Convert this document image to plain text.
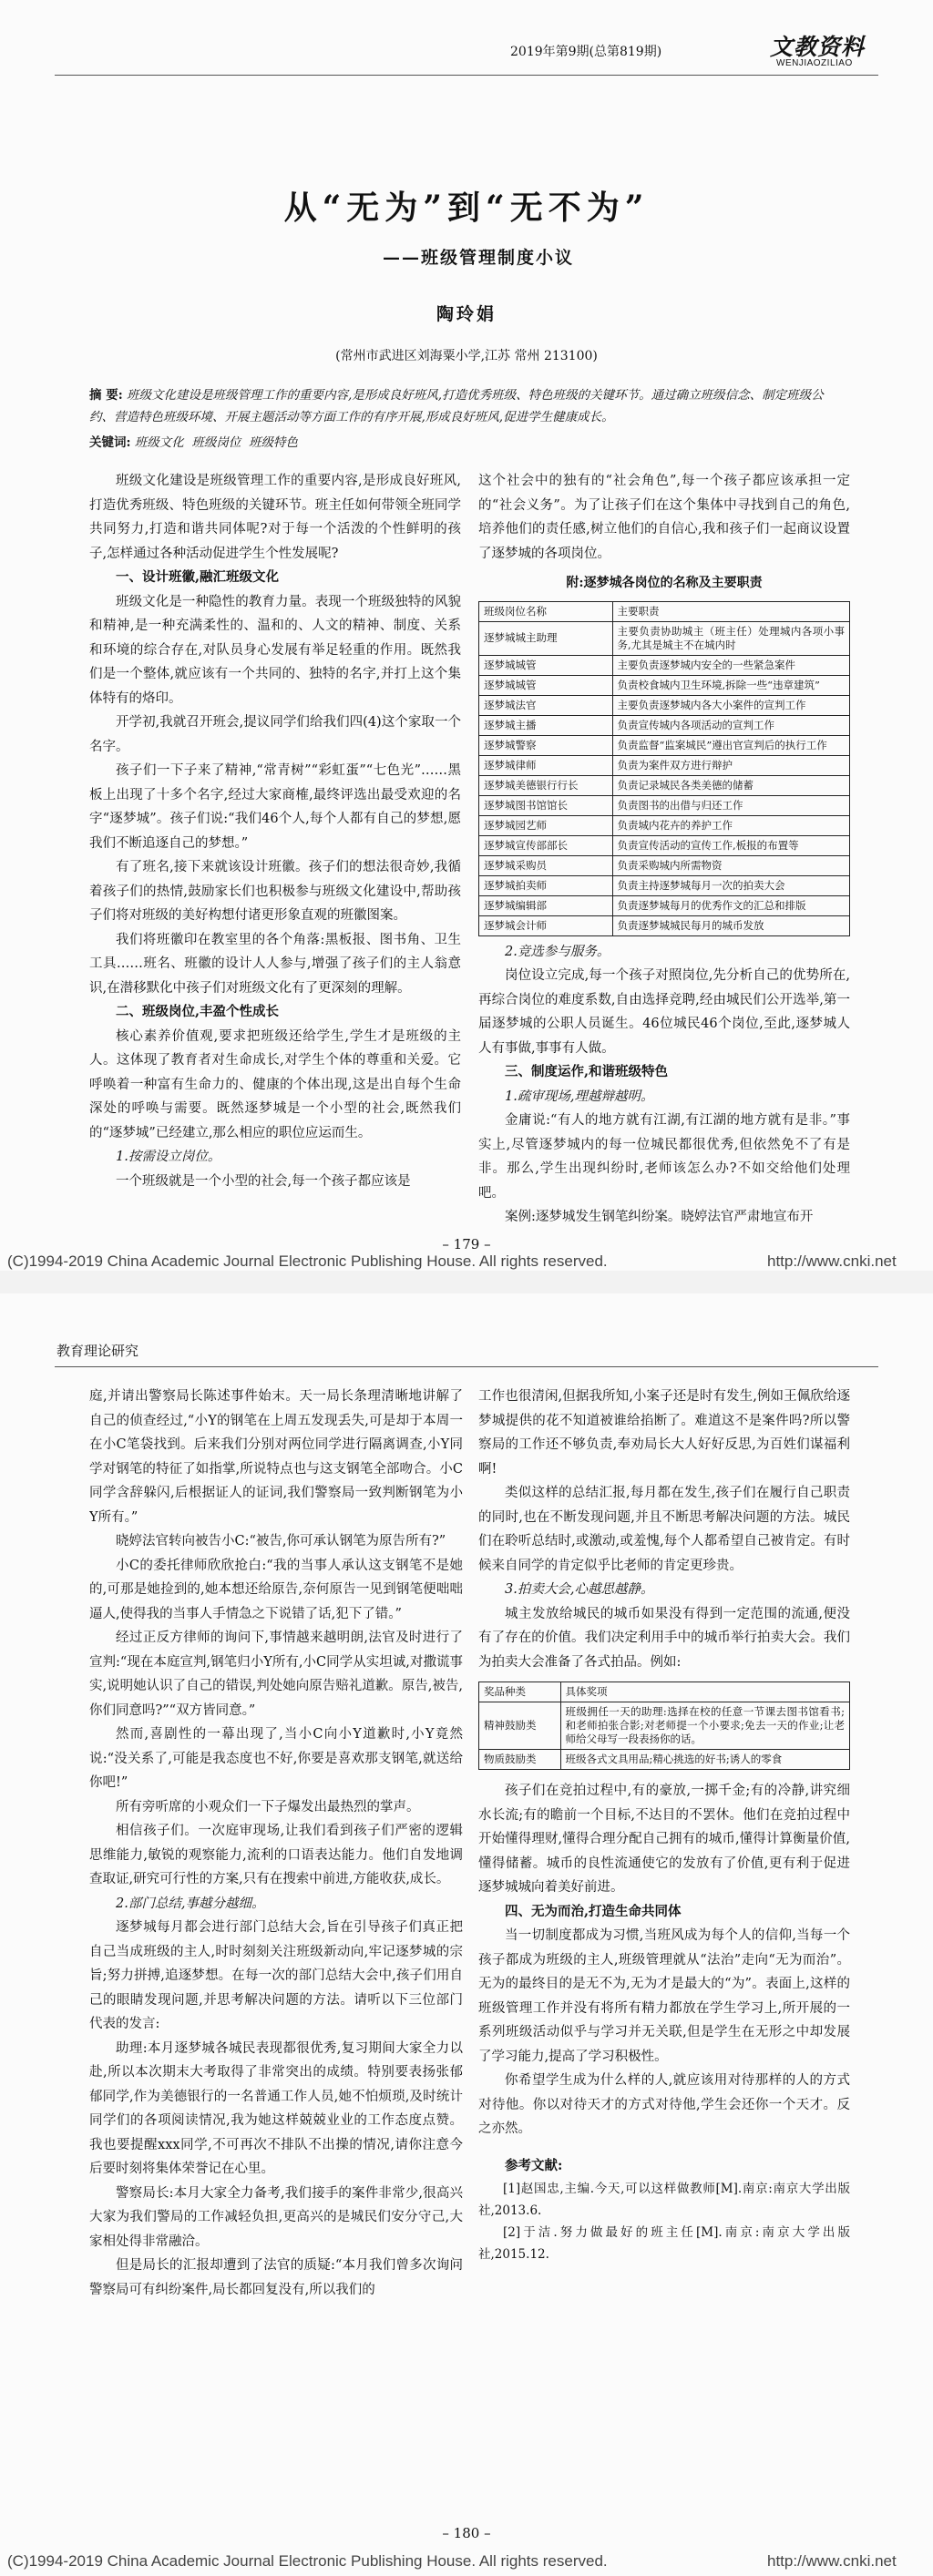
2019年第9期(总第819期)	文教资料
WENJIAOZILIAO
从“无为”到“无不为”
——班级管理制度小议
陶玲娟
(常州市武进区刘海粟小学,江苏 常州 213100)
摘 要: 班级文化建设是班级管理工作的重要内容,是形成良好班风,打造优秀班级、特色班级的关键环节。通过确立班级信念、制定班级公约、营造特色班级环境、开展主题活动等方面工作的有序开展,形成良好班风,促进学生健康成长。
关键词: 班级文化  班级岗位  班级特色

班级文化建设是班级管理工作的重要内容,是形成良好班风,打造优秀班级、特色班级的关键环节。班主任如何带领全班同学共同努力,打造和谐共同体呢?对于每一个活泼的个性鲜明的孩子,怎样通过各种活动促进学生个性发展呢?

一、设计班徽,融汇班级文化

班级文化是一种隐性的教育力量。表现一个班级独特的风貌和精神,是一种充满柔性的、温和的、人文的精神、制度、关系和环境的综合存在,对队员身心发展有举足轻重的作用。既然我们是一个整体,就应该有一个共同的、独特的名字,并打上这个集体特有的烙印。

开学初,我就召开班会,提议同学们给我们四(4)这个家取一个名字。

孩子们一下子来了精神,“常青树”“彩虹蛋”“七色光”……黑板上出现了十多个名字,经过大家商榷,最终评选出最受欢迎的名字“逐梦城”。孩子们说:“我们46个人,每个人都有自己的梦想,愿我们不断追逐自己的梦想。”

有了班名,接下来就该设计班徽。孩子们的想法很奇妙,我循着孩子们的热情,鼓励家长们也积极参与班级文化建设中,帮助孩子们将对班级的美好构想付诸更形象直观的班徽图案。

我们将班徽印在教室里的各个角落:黑板报、图书角、卫生工具……班名、班徽的设计人人参与,增强了孩子们的主人翁意识,在潜移默化中孩子们对班级文化有了更深刻的理解。

二、班级岗位,丰盈个性成长

核心素养价值观,要求把班级还给学生,学生才是班级的主人。这体现了教育者对生命成长,对学生个体的尊重和关爱。它呼唤着一种富有生命力的、健康的个体出现,这是出自每个生命深处的呼唤与需要。既然逐梦城是一个小型的社会,既然我们的“逐梦城”已经建立,那么相应的职位应运而生。

1.按需设立岗位。

一个班级就是一个小型的社会,每一个孩子都应该是

这个社会中的独有的“社会角色”,每一个孩子都应该承担一定的“社会义务”。为了让孩子们在这个集体中寻找到自己的角色,培养他们的责任感,树立他们的自信心,我和孩子们一起商议设置了逐梦城的各项岗位。

附:逐梦城各岗位的名称及主要职责
班级岗位名称	主要职责
逐梦城城主助理	主要负责协助城主（班主任）处理城内各项小事务,尤其是城主不在城内时
逐梦城城管	主要负责逐梦城内安全的一些紧急案件
逐梦城城管	负责校食城内卫生环境,拆除一些“违章建筑”
逐梦城法官	主要负责逐梦城内各大小案件的宣判工作
逐梦城主播	负责宣传城内各项活动的宣判工作
逐梦城警察	负责监督“监案城民”遵出官宣判后的执行工作
逐梦城律师	负责为案件双方进行辩护
逐梦城美德银行行长	负责记录城民各类美德的储蓄
逐梦城图书馆馆长	负责图书的出借与归还工作
逐梦城园艺师	负责城内花卉的养护工作
逐梦城宣传部部长	负责宣传活动的宣传工作,板报的布置等
逐梦城采购员	负责采购城内所需物资
逐梦城拍卖师	负责主持逐梦城每月一次的拍卖大会
逐梦城编辑部	负责逐梦城每月的优秀作文的汇总和排版
逐梦城会计师	负责逐梦城城民每月的城币发放
2.竞选参与服务。

岗位设立完成,每一个孩子对照岗位,先分析自己的优势所在,再综合岗位的难度系数,自由选择竞聘,经由城民们公开选举,第一届逐梦城的公职人员诞生。46位城民46个岗位,至此,逐梦城人人有事做,事事有人做。

三、制度运作,和谐班级特色
1.疏审现场,理越辩越明。

金庸说:“有人的地方就有江湖,有江湖的地方就有是非。”事实上,尽管逐梦城内的每一位城民都很优秀,但依然免不了有是非。那么,学生出现纠纷时,老师该怎么办?不如交给他们处理吧。

案例:逐梦城发生钢笔纠纷案。晓婷法官严肃地宣布开

– 179 –
(C)1994-2019 China Academic Journal Electronic Publishing House. All rights reserved.	http://www.cnki.net
教育理论研究

庭,并请出警察局长陈述事件始末。天一局长条理清晰地讲解了自己的侦查经过,“小Y的钢笔在上周五发现丢失,可是却于本周一在小C笔袋找到。后来我们分别对两位同学进行隔离调查,小Y同学对钢笔的特征了如指掌,所说特点也与这支钢笔全部吻合。小C同学含辞躲闪,后根据证人的证词,我们警察局一致判断钢笔为小Y所有。”

晓婷法官转向被告小C:“被告,你可承认钢笔为原告所有?”

小C的委托律师欣欣抢白:“我的当事人承认这支钢笔不是她的,可那是她捡到的,她本想还给原告,奈何原告一见到钢笔便咄咄逼人,使得我的当事人手情急之下说错了话,犯下了错。”

经过正反方律师的询问下,事情越来越明朗,法官及时进行了宣判:“现在本庭宣判,钢笔归小Y所有,小C同学从实坦诚,对撒谎事实,说明她认识了自己的错误,判处她向原告赔礼道歉。原告,被告,你们同意吗?”“双方皆同意。”

然而,喜剧性的一幕出现了,当小C向小Y道歉时,小Y竟然说:“没关系了,可能是我态度也不好,你要是喜欢那支钢笔,就送给你吧!”

所有旁听席的小观众们一下子爆发出最热烈的掌声。

相信孩子们。一次庭审现场,让我们看到孩子们严密的逻辑思维能力,敏锐的观察能力,流利的口语表达能力。他们自发地调查取证,研究可行性的方案,只有在搜索中前进,方能收获,成长。

2.部门总结,事越分越细。

逐梦城每月都会进行部门总结大会,旨在引导孩子们真正把自己当成班级的主人,时时刻刻关注班级新动向,牢记逐梦城的宗旨;努力拼搏,追逐梦想。在每一次的部门总结大会中,孩子们用自己的眼睛发现问题,并思考解决问题的方法。请听以下三位部门代表的发言:

助理:本月逐梦城各城民表现都很优秀,复习期间大家全力以赴,所以本次期末大考取得了非常突出的成绩。特别要表扬张郁郁同学,作为美德银行的一名普通工作人员,她不怕烦琐,及时统计同学们的各项阅读情况,我为她这样兢兢业业的工作态度点赞。我也要提醒xxx同学,不可再次不排队不出操的情况,请你注意今后要时刻将集体荣誉记在心里。

警察局长:本月大家全力备考,我们接手的案件非常少,很高兴大家为我们警局的工作减轻负担,更高兴的是城民们安分守己,大家相处得非常融洽。

但是局长的汇报却遭到了法官的质疑:“本月我们曾多次询问警察局可有纠纷案件,局长都回复没有,所以我们的

工作也很清闲,但据我所知,小案子还是时有发生,例如王佩欣给逐梦城提供的花不知道被谁给掐断了。难道这不是案件吗?所以警察局的工作还不够负责,奉劝局长大人好好反思,为百姓们谋福利啊!

类似这样的总结汇报,每月都在发生,孩子们在履行自己职责的同时,也在不断发现问题,并且不断思考解决问题的方法。城民们在聆听总结时,或激动,或羞愧,每个人都希望自己被肯定。有时候来自同学的肯定似乎比老师的肯定更珍贵。

3.拍卖大会,心越思越静。

城主发放给城民的城币如果没有得到一定范围的流通,便没有了存在的价值。我们决定利用手中的城币举行拍卖大会。我们为拍卖大会准备了各式拍品。例如:

奖品种类	具体奖项
精神鼓励类	班级拥任一天的助理:选择在校的任意一节课去图书馆看书;和老师拍张合影;对老师提一个小要求;免去一天的作业;让老师给父母写一段表扬你的话。
物质鼓励类	班级各式文具用品;精心挑选的好书;诱人的零食

孩子们在竞拍过程中,有的豪放,一掷千金;有的冷静,讲究细水长流;有的瞻前一个目标,不达目的不罢休。他们在竞拍过程中开始懂得理财,懂得合理分配自己拥有的城币,懂得计算衡量价值,懂得储蓄。城币的良性流通使它的发放有了价值,更有利于促进逐梦城城向着美好前进。

四、无为而治,打造生命共同体

当一切制度都成为习惯,当班风成为每个人的信仰,当每一个孩子都成为班级的主人,班级管理就从“法治”走向“无为而治”。无为的最终目的是无不为,无为才是最大的“为”。表面上,这样的班级管理工作并没有将所有精力都放在学生学习上,所开展的一系列班级活动似乎与学习并无关联,但是学生在无形之中却发展了学习能力,提高了学习积极性。

你希望学生成为什么样的人,就应该用对待那样的人的方式对待他。你以对待天才的方式对待他,学生会还你一个天才。反之亦然。

参考文献:

[1]赵国忠,主编.今天,可以这样做教师[M].南京:南京大学出版社,2013.6.

[2]于洁.努力做最好的班主任[M].南京:南京大学出版社,2015.12.

– 180 –
(C)1994-2019 China Academic Journal Electronic Publishing House. All rights reserved.	http://www.cnki.net
